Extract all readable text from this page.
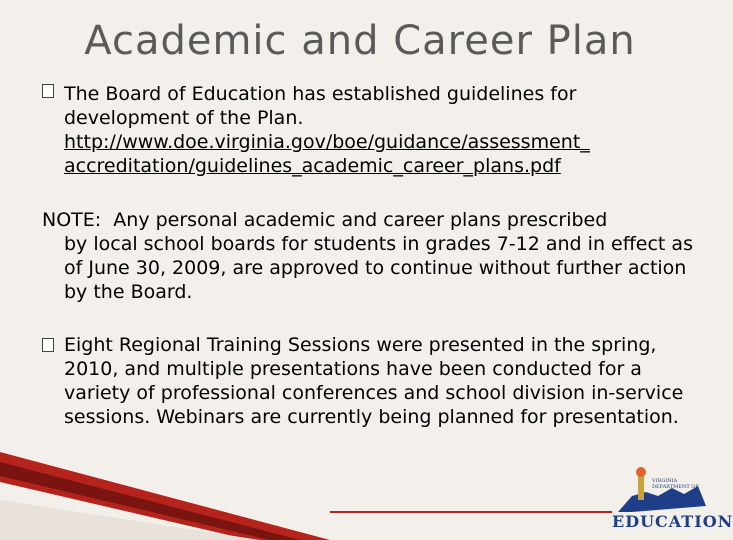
Academic and Career Plan
The Board of Education has established guidelines for development of the Plan.
http://www.doe.virginia.gov/boe/guidance/assessment_
accreditation/guidelines_academic_career_plans.pdf
NOTE: Any personal academic and career plans prescribed
by local school boards for students in grades 7-12 and in effect as of June 30, 2009, are approved to continue without further action by the Board.
Eight Regional Training Sessions were presented in the spring, 2010, and multiple presentations have been conducted for a variety of professional conferences and school division in-service sessions. Webinars are currently being planned for presentation.
VIRGINIA DEPARTMENT OF
EDUCATION
